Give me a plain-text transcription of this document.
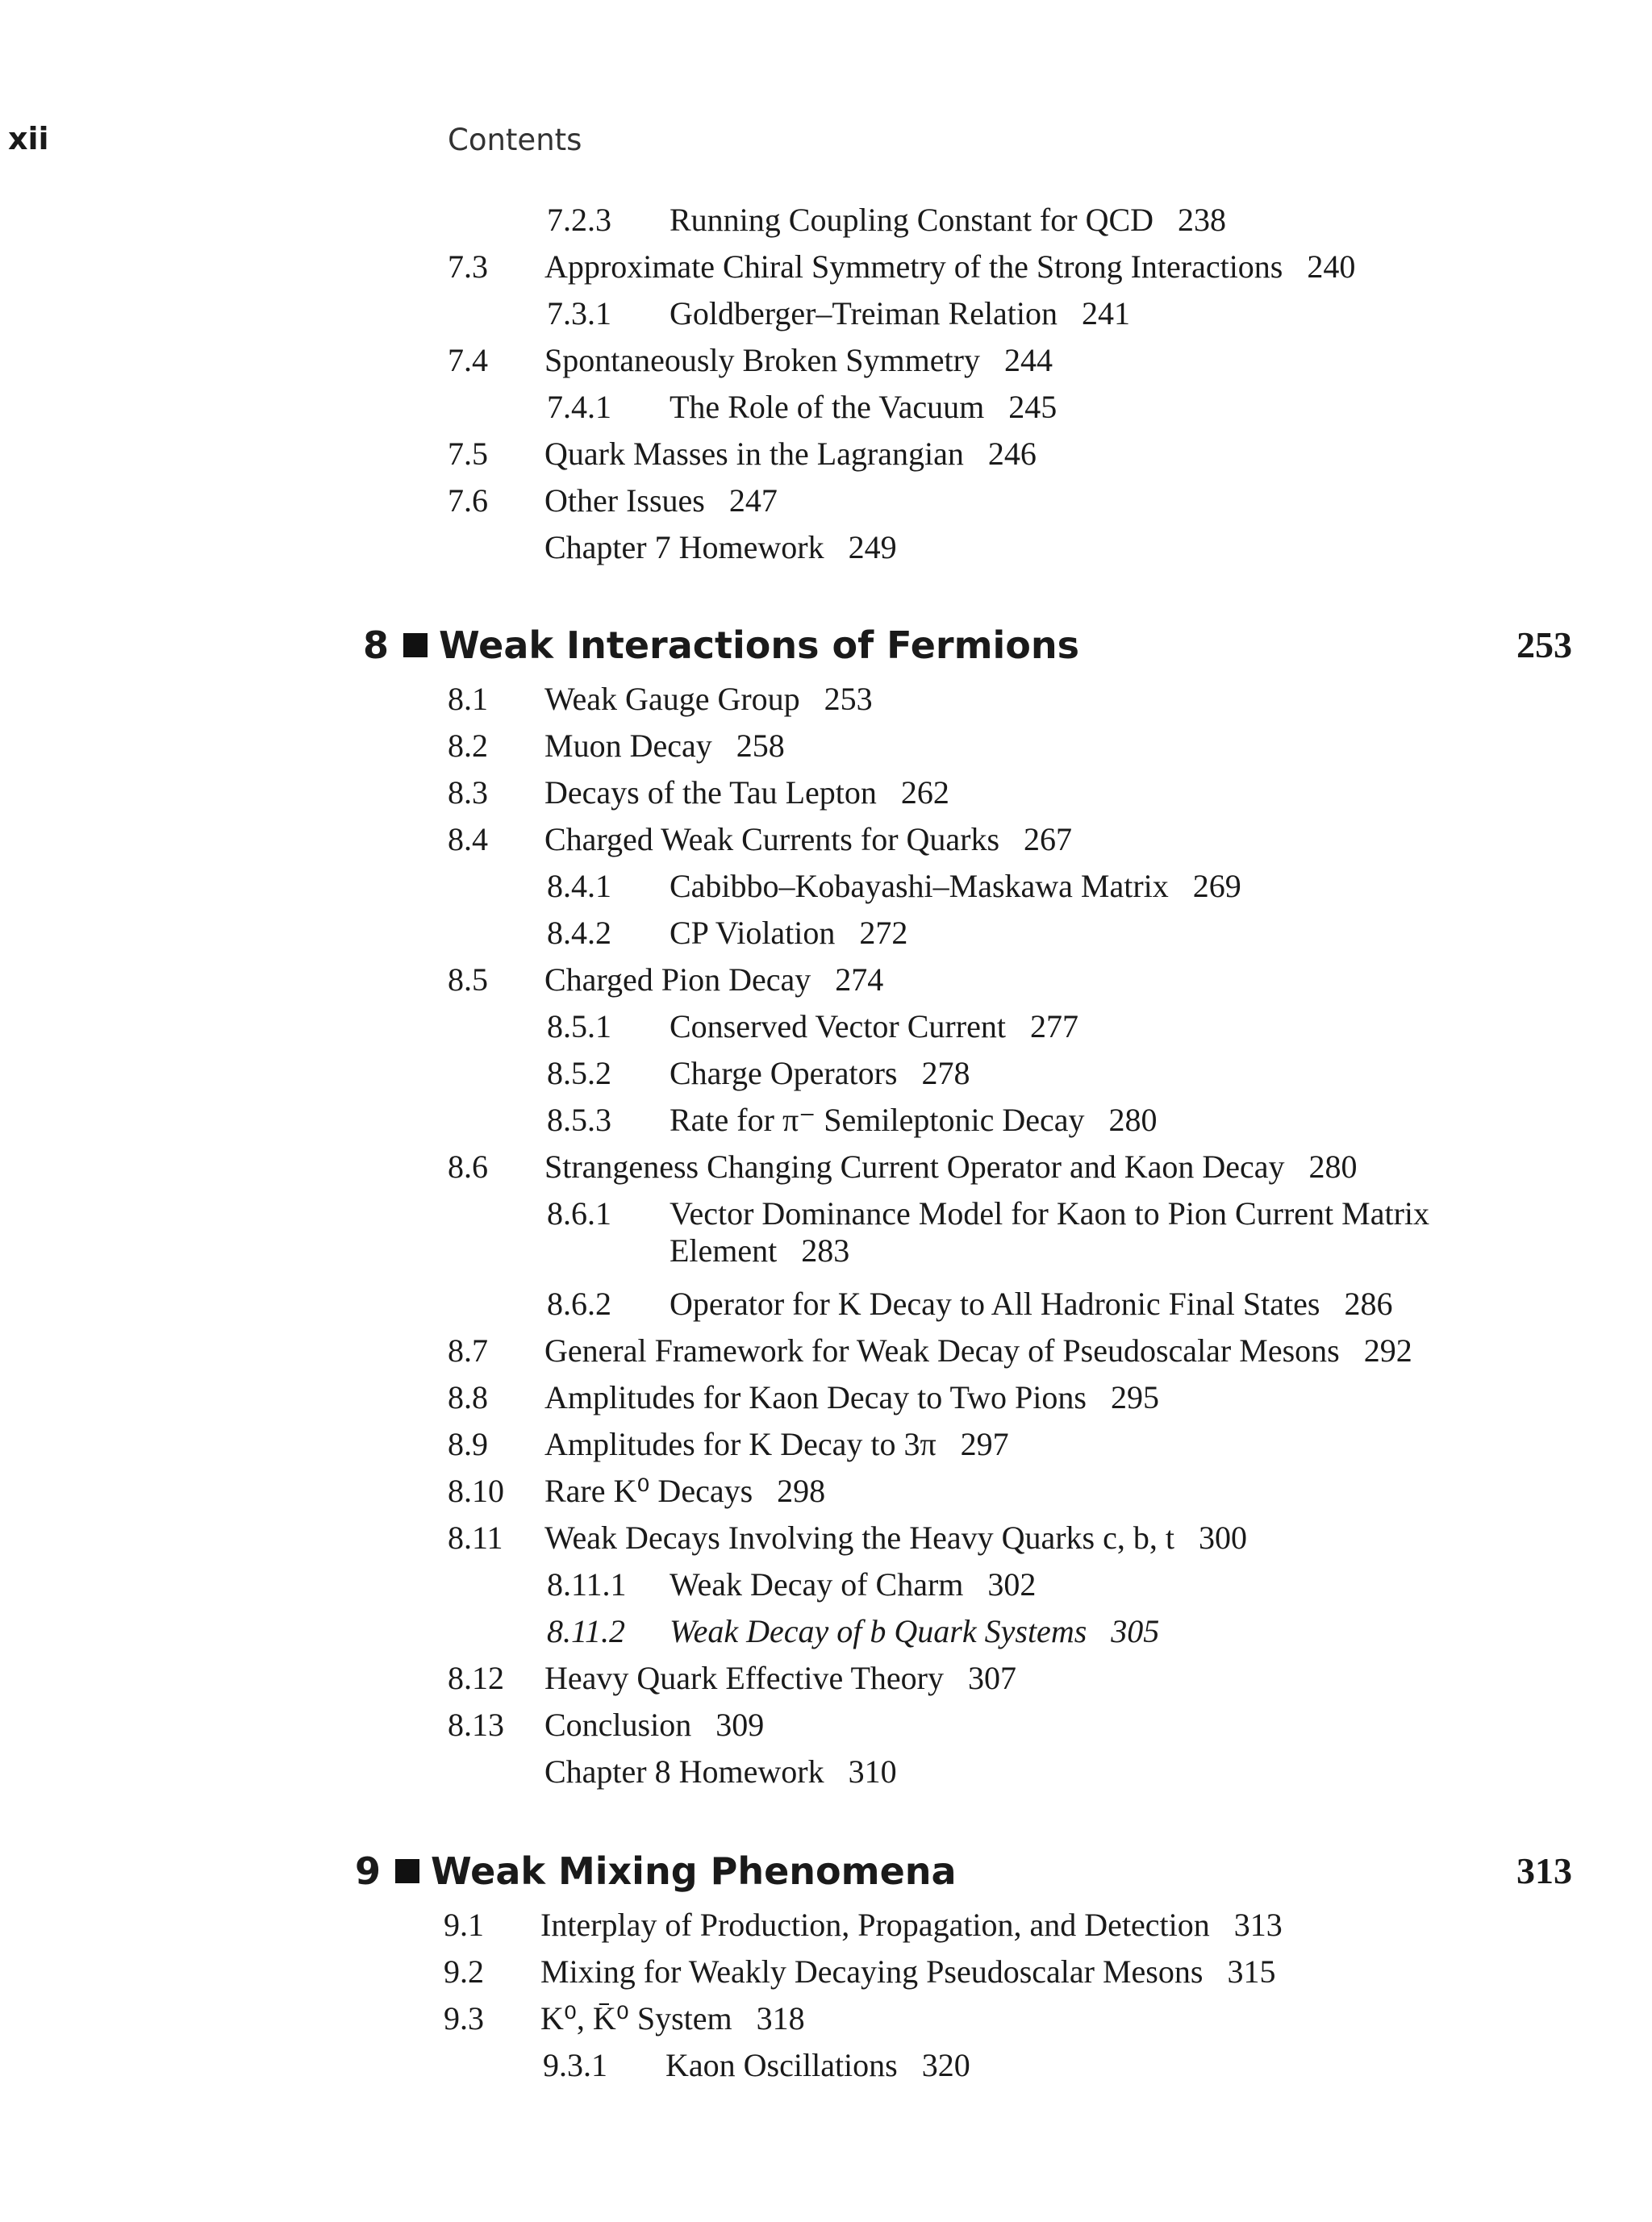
xii	Contents
7.2.3 Running Coupling Constant for QCD 238
7.3 Approximate Chiral Symmetry of the Strong Interactions 240
7.3.1 Goldberger–Treiman Relation 241
7.4 Spontaneously Broken Symmetry 244
7.4.1 The Role of the Vacuum 245
7.5 Quark Masses in the Lagrangian 246
7.6 Other Issues 247
Chapter 7 Homework 249
8 Weak Interactions of Fermions	253
8.1 Weak Gauge Group 253
8.2 Muon Decay 258
8.3 Decays of the Tau Lepton 262
8.4 Charged Weak Currents for Quarks 267
8.4.1 Cabibbo–Kobayashi–Maskawa Matrix 269
8.4.2 CP Violation 272
8.5 Charged Pion Decay 274
8.5.1 Conserved Vector Current 277
8.5.2 Charge Operators 278
8.5.3 Rate for π⁻ Semileptonic Decay 280
8.6 Strangeness Changing Current Operator and Kaon Decay 280
8.6.1 Vector Dominance Model for Kaon to Pion Current Matrix Element 283
8.6.2 Operator for K Decay to All Hadronic Final States 286
8.7 General Framework for Weak Decay of Pseudoscalar Mesons 292
8.8 Amplitudes for Kaon Decay to Two Pions 295
8.9 Amplitudes for K Decay to 3π 297
8.10 Rare K⁰ Decays 298
8.11 Weak Decays Involving the Heavy Quarks c, b, t 300
8.11.1 Weak Decay of Charm 302
8.11.2 Weak Decay of b Quark Systems 305
8.12 Heavy Quark Effective Theory 307
8.13 Conclusion 309
Chapter 8 Homework 310
9 Weak Mixing Phenomena	313
9.1 Interplay of Production, Propagation, and Detection 313
9.2 Mixing for Weakly Decaying Pseudoscalar Mesons 315
9.3 K⁰, K̄⁰ System 318
9.3.1 Kaon Oscillations 320
